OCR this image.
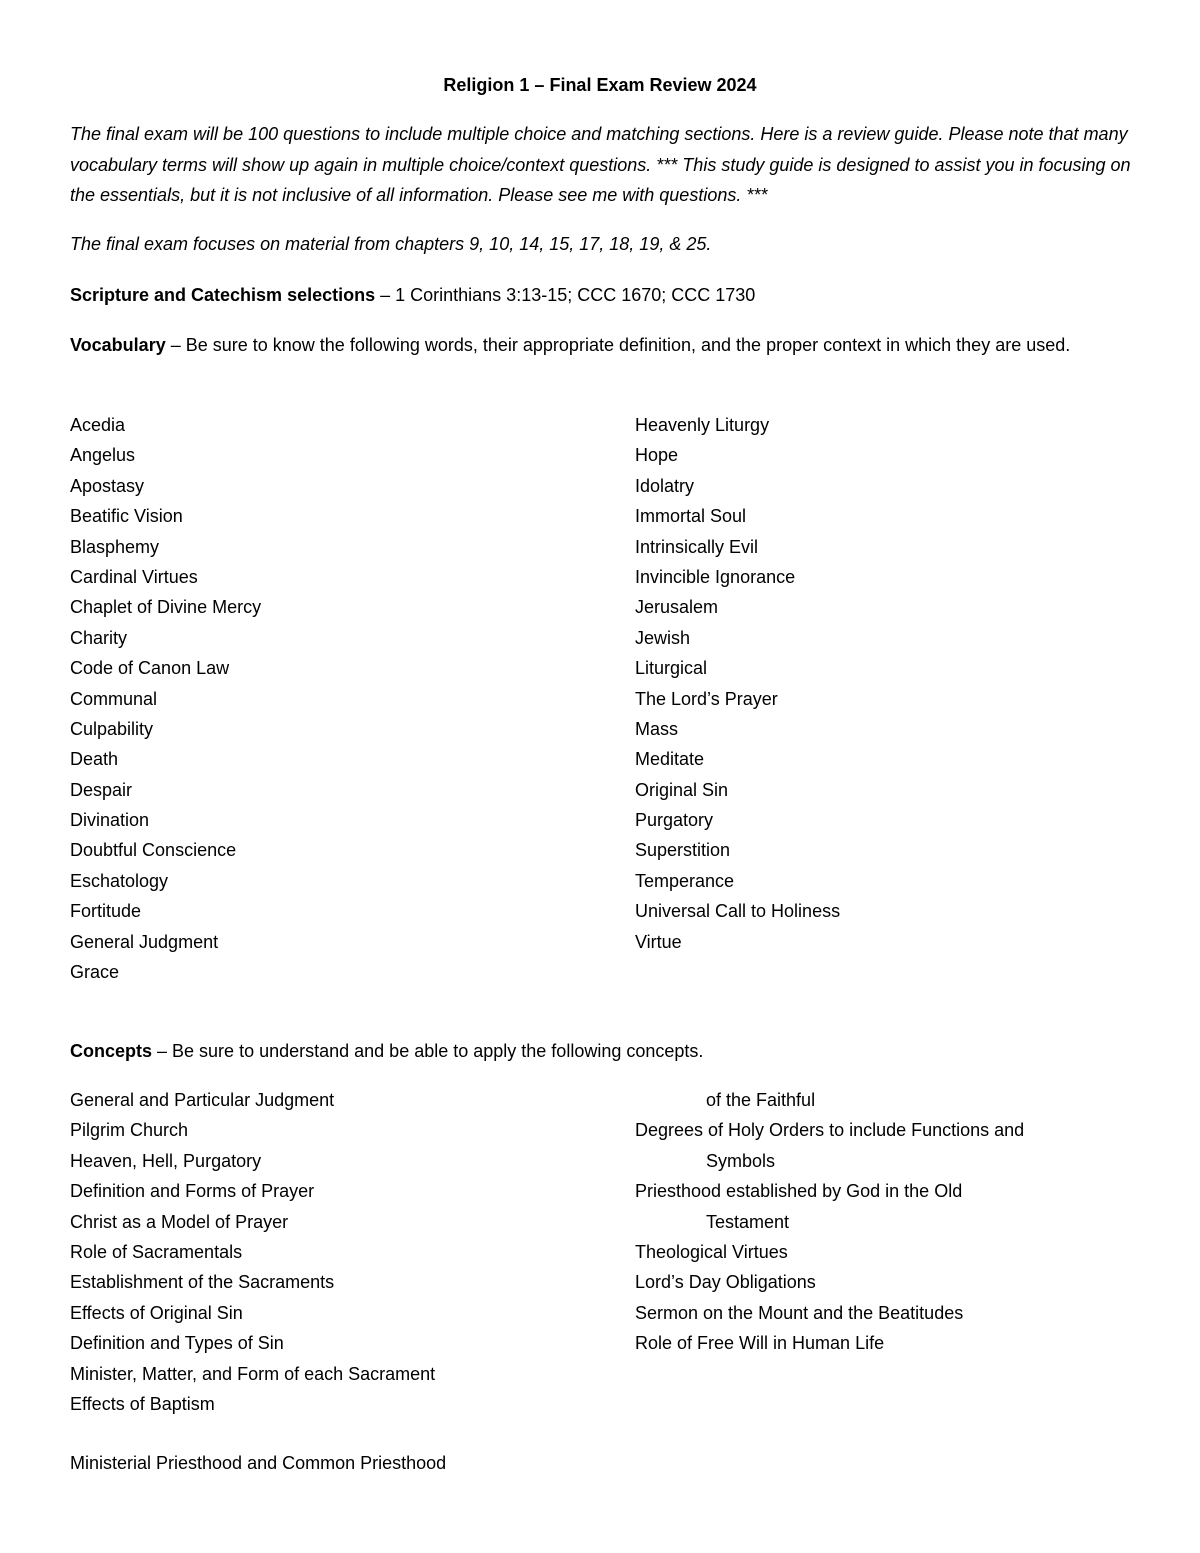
Religion 1 – Final Exam Review 2024
The final exam will be 100 questions to include multiple choice and matching sections. Here is a review guide. Please note that many vocabulary terms will show up again in multiple choice/context questions. *** This study guide is designed to assist you in focusing on the essentials, but it is not inclusive of all information. Please see me with questions. ***
The final exam focuses on material from chapters 9, 10, 14, 15, 17, 18, 19, & 25.
Scripture and Catechism selections – 1 Corinthians 3:13-15; CCC 1670; CCC 1730
Vocabulary – Be sure to know the following words, their appropriate definition, and the proper context in which they are used.
Acedia
Angelus
Apostasy
Beatific Vision
Blasphemy
Cardinal Virtues
Chaplet of Divine Mercy
Charity
Code of Canon Law
Communal
Culpability
Death
Despair
Divination
Doubtful Conscience
Eschatology
Fortitude
General Judgment
Grace
Heavenly Liturgy
Hope
Idolatry
Immortal Soul
Intrinsically Evil
Invincible Ignorance
Jerusalem
Jewish
Liturgical
The Lord’s Prayer
Mass
Meditate
Original Sin
Purgatory
Superstition
Temperance
Universal Call to Holiness
Virtue
Concepts – Be sure to understand and be able to apply the following concepts.
General and Particular Judgment
Pilgrim Church
Heaven, Hell, Purgatory
Definition and Forms of Prayer
Christ as a Model of Prayer
Role of Sacramentals
Establishment of the Sacraments
Effects of Original Sin
Definition and Types of Sin
Minister, Matter, and Form of each Sacrament
Effects of Baptism
of the Faithful
Degrees of Holy Orders to include Functions and
Symbols
Priesthood established by God in the Old
Testament
Theological Virtues
Lord’s Day Obligations
Sermon on the Mount and the Beatitudes
Role of Free Will in Human Life
Ministerial Priesthood and Common Priesthood
